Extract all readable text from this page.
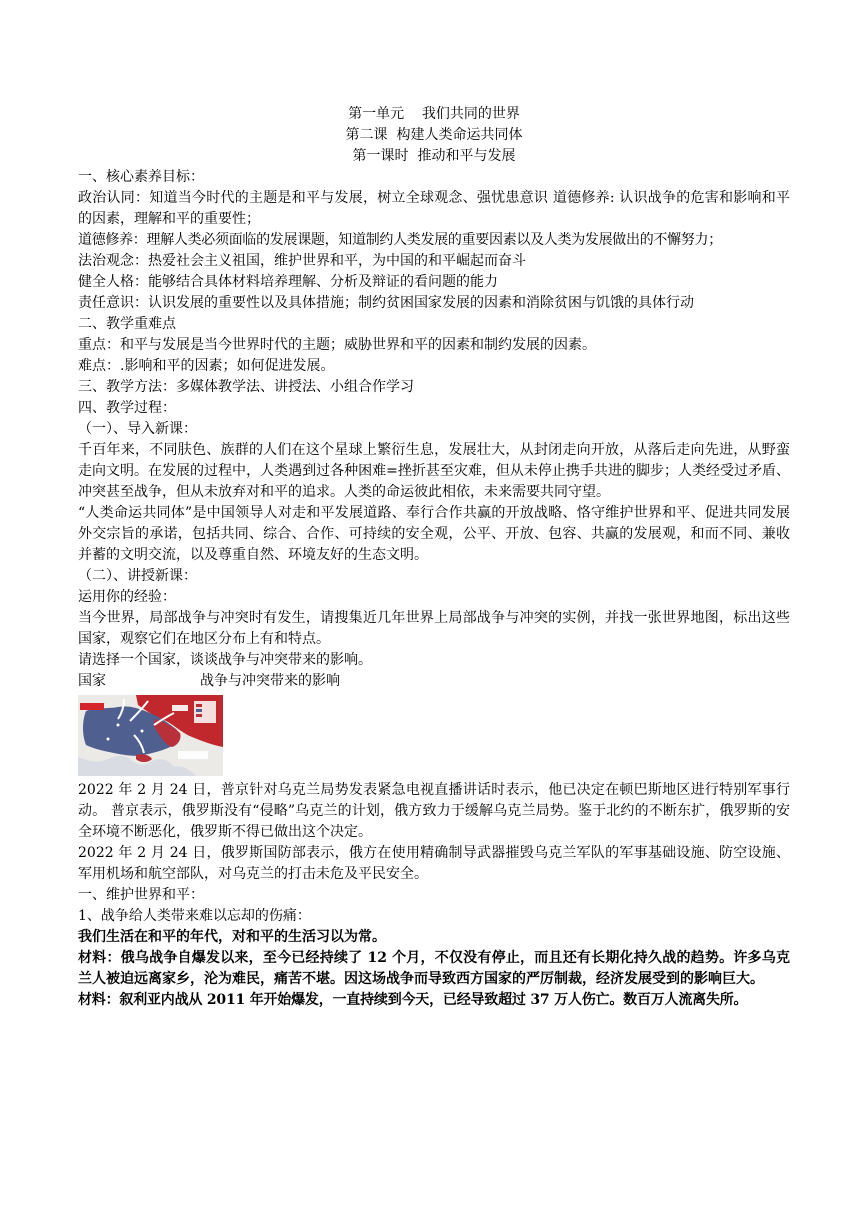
第一单元    我们共同的世界
第二课  构建人类命运共同体
第一课时  推动和平与发展
一、核心素养目标：
政治认同：知道当今时代的主题是和平与发展，树立全球观念、强忧患意识 道德修养: 认识战争的危害和影响和平的因素，理解和平的重要性；
道德修养：理解人类必须面临的发展课题，知道制约人类发展的重要因素以及人类为发展做出的不懈努力；
法治观念：热爱社会主义祖国，维护世界和平，为中国的和平崛起而奋斗
健全人格：能够结合具体材料培养理解、分析及辩证的看问题的能力
责任意识：认识发展的重要性以及具体措施；制约贫困国家发展的因素和消除贫困与饥饿的具体行动
二、教学重难点
重点：和平与发展是当今世界时代的主题；威胁世界和平的因素和制约发展的因素。
难点：.影响和平的因素；如何促进发展。
三、教学方法：多媒体教学法、讲授法、小组合作学习
四、教学过程：
（一）、导入新课：
千百年来，不同肤色、族群的人们在这个星球上繁衍生息，发展壮大，从封闭走向开放，从落后走向先进，从野蛮走向文明。在发展的过程中，人类遇到过各种困难=挫折甚至灾难，但从未停止携手共进的脚步；人类经受过矛盾、冲突甚至战争，但从未放弃对和平的追求。人类的命运彼此相依，未来需要共同守望。
“人类命运共同体”是中国领导人对走和平发展道路、奉行合作共赢的开放战略、恪守维护世界和平、促进共同发展外交宗旨的承诺，包括共同、综合、合作、可持续的安全观，公平、开放、包容、共赢的发展观，和而不同、兼收并蓄的文明交流，以及尊重自然、环境友好的生态文明。
（二）、讲授新课：
运用你的经验：
当今世界，局部战争与冲突时有发生，请搜集近几年世界上局部战争与冲突的实例，并找一张世界地图，标出这些国家，观察它们在地区分布上有和特点。
请选择一个国家，谈谈战争与冲突带来的影响。
国家	战争与冲突带来的影响
2022 年 2 月 24 日，普京针对乌克兰局势发表紧急电视直播讲话时表示，他已决定在顿巴斯地区进行特别军事行动。 普京表示，俄罗斯没有“侵略”乌克兰的计划，俄方致力于缓解乌克兰局势。鉴于北约的不断东扩，俄罗斯的安全环境不断恶化，俄罗斯不得已做出这个决定。
2022 年 2 月 24 日，俄罗斯国防部表示，俄方在使用精确制导武器摧毁乌克兰军队的军事基础设施、防空设施、军用机场和航空部队，对乌克兰的打击未危及平民安全。
一、维护世界和平：
1、战争给人类带来难以忘却的伤痛：
我们生活在和平的年代，对和平的生活习以为常。
材料：俄乌战争自爆发以来，至今已经持续了 12 个月，不仅没有停止，而且还有长期化持久战的趋势。许多乌克兰人被迫远离家乡，沦为难民，痛苦不堪。因这场战争而导致西方国家的严厉制裁，经济发展受到的影响巨大。
材料：叙利亚内战从 2011 年开始爆发，一直持续到今天，已经导致超过 37 万人伤亡。数百万人流离失所。
